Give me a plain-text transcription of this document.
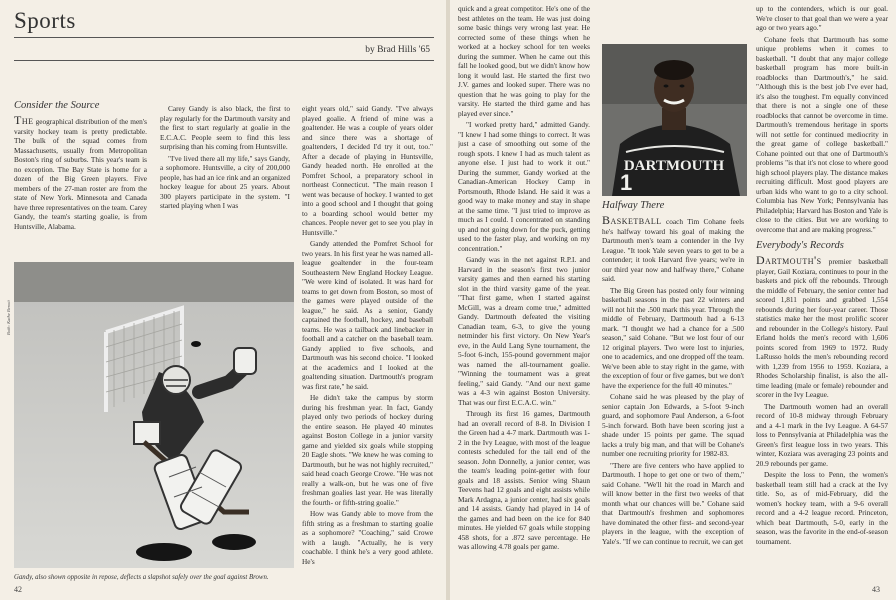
Sports
by Brad Hills '65
Consider the Source

The geographical distribution of the men's varsity hockey team is pretty predictable. The bulk of the squad comes from Massachusetts, usually from Metropolitan Boston's ring of suburbs. This year's team is no exception. The Bay State is home for a dozen of the Big Green players. Five members of the 27-man roster are from the state of New York. Minnesota and Canada have three representatives on the team. Carey Gandy, the team's starting goalie, is from Huntsville, Alabama.

Carey Gandy is also black, the first to play regularly for the Dartmouth varsity and the first to start regularly at goalie in the E.C.A.C. People seem to find this less surprising than his coming from Huntsville.

"I've lived there all my life," says Gandy, a sophomore. Huntsville, a city of 200,000 people, has had an ice rink and an organized hockey league for about 25 years. About 300 players participate in the system. "I started playing when I was

eight years old," said Gandy. "I've always played goalie. A friend of mine was a goaltender. He was a couple of years older and since there was a shortage of goaltenders, I decided I'd try it out, too." After a decade of playing in Huntsville, Gandy headed north. He enrolled at the Pomfret School, a preparatory school in northeast Connecticut. "The main reason I went was because of hockey. I wanted to get into a good school and I thought that going to a boarding school would better my chances. People never get to see you play in Huntsville."

Gandy attended the Pomfret School for two years. In his first year he was named all-league goaltender in the four-team Southeastern New England Hockey League. "We were kind of isolated. It was hard for teams to get down from Boston, so most of the games were played outside of the league," he said. As a senior, Gandy captained the football, hockey, and baseball teams. He was a tailback and linebacker in football and a catcher on the baseball team. Gandy applied to five schools, and Dartmouth was his second choice. "I looked at the academics and I looked at the goaltending situation. Dartmouth's program was first rate," he said.

He didn't take the campus by storm during his freshman year. In fact, Gandy played only two periods of hockey during the entire season. He played 40 minutes against Boston College in a junior varsity game and yielded six goals while stopping 20 Eagle shots. "We knew he was coming to Dartmouth, but he was not highly recruited," said head coach George Crowe. "He was not really a walk-on, but he was one of five freshman goalies last year. He was literally the fourth- or fifth-string goalie."

How was Gandy able to move from the fifth string as a freshman to starting goalie as a sophomore? "Coaching," said Crowe with a laugh. "Actually, he is very coachable. I think he's a very good athlete. He's

Both: Kathe Benoit
Gandy, also shown opposite in repose, deflects a slapshot safely over the goal against Brown.
42

quick and a great competitor. He's one of the best athletes on the team. He was just doing some basic things very wrong last year. He corrected some of these things when he worked at a hockey school for ten weeks during the summer. When he came out this fall he looked good, but we didn't know how long it would last. He started the first two J.V. games and looked super. There was no question that he was going to play for the varsity. He started the third game and has played ever since."

"I worked pretty hard," admitted Gandy. "I knew I had some things to correct. It was just a case of smoothing out some of the rough spots. I knew I had as much talent as anyone else. I just had to work it out." During the summer, Gandy worked at the Canadian-American Hockey Camp in Portsmouth, Rhode Island. He said it was a good way to make money and stay in shape at the same time. "I just tried to improve as much as I could. I concentrated on standing up and not going down for the puck, getting used to the faster play, and working on my concentration."

Gandy was in the net against R.P.I. and Harvard in the season's first two junior varsity games and then earned his starting slot in the third varsity game of the year. "That first game, when I started against McGill, was a dream come true," admitted Gandy. Dartmouth defeated the visiting Canadian team, 6-3, to give the young netminder his first victory. On New Year's eve, in the Auld Lang Syne tournament, the 5-foot 6-inch, 155-pound government major was named the all-tournament goalie. "Winning the tournament was a great feeling," said Gandy. "And our next game was a 4-3 win against Boston University. That was our first E.C.A.C. win."

Through its first 16 games, Dartmouth had an overall record of 8-8. In Division I the Green had a 4-7 mark. Dartmouth was 1-2 in the Ivy League, with most of the league contests scheduled for the tail end of the season. John Donnelly, a junior center, was the team's leading point-getter with four goals and 18 assists. Senior wing Shaun Teevens had 12 goals and eight assists while Mark Ardagna, a junior center, had six goals and 14 assists. Gandy had played in 14 of the games and had been on the ice for 840 minutes. He yielded 67 goals while stopping 458 shots, for a .872 save percentage. He was allowing 4.78 goals per game.

DARTMOUTH
1
Halfway There

Basketball coach Tim Cohane feels he's halfway toward his goal of making the Dartmouth men's team a contender in the Ivy League. "It took Yale seven years to get to be a contender; it took Harvard five years; we're in our third year now and halfway there," Cohane said.

The Big Green has posted only four winning basketball seasons in the past 22 winters and will not hit the .500 mark this year. Through the middle of February, Dartmouth had a 6-13 mark. "I thought we had a chance for a .500 season," said Cohane. "But we lost four of our 12 original players. Two were lost to injuries, one to academics, and one dropped off the team. We've been able to stay right in the game, with the exception of four or five games, but we don't have the experience for the full 40 minutes."

Cohane said he was pleased by the play of senior captain Jon Edwards, a 5-foot 9-inch guard, and sophomore Paul Anderson, a 6-foot 5-inch forward. Both have been scoring just a shade under 15 points per game. The squad lacks a truly big man, and that will be Cohane's number one recruiting priority for 1982-83.

"There are five centers who have applied to Dartmouth. I hope to get one or two of them," said Cohane. "We'll hit the road in March and will know better in the first two weeks of that month what our chances will be." Cohane said that Dartmouth's freshmen and sophomores have dominated the other first- and second-year players in the league, with the exception of Yale's. "If we can continue to recruit, we can get

up to the contenders, which is our goal. We're closer to that goal than we were a year ago or two years ago."

Cohane feels that Dartmouth has some unique problems when it comes to basketball. "I doubt that any major college basketball program has more built-in roadblocks than Dartmouth's," he said. "Although this is the best job I've ever had, it's also the toughest. I'm equally convinced that there is not a single one of these roadblocks that cannot be overcome in time. Dartmouth's tremendous heritage in sports will not settle for continued mediocrity in the great game of college basketball." Cohane pointed out that one of Dartmouth's problems "is that it's not close to where good high school players play. The distance makes recruiting difficult. Most good players are urban kids who want to go to a city school. Columbia has New York; Pennsylvania has Philadelphia; Harvard has Boston and Yale is close to the cities. But we are working to overcome that and are making progress."

Everybody's Records

Dartmouth's premier basketball player, Gail Koziara, continues to pour in the baskets and pick off the rebounds. Through the middle of February, the senior center had scored 1,811 points and grabbed 1,554 rebounds during her four-year career. Those statistics make her the most prolific scorer and rebounder in the College's history. Paul Erland holds the men's record with 1,606 points scored from 1969 to 1972. Rudy LaRusso holds the men's rebounding record with 1,239 from 1956 to 1959. Koziara, a Rhodes Scholarship finalist, is also the all-time leading (male or female) rebounder and scorer in the Ivy League.

The Dartmouth women had an overall record of 10-8 midway through February and a 4-1 mark in the Ivy League. A 64-57 loss to Pennsylvania at Philadelphia was the Green's first league loss in two years. This winter, Koziara was averaging 23 points and 20.9 rebounds per game.

Despite the loss to Penn, the women's basketball team still had a crack at the Ivy title. So, as of mid-February, did the women's hockey team, with a 9-6 overall record and a 4-2 league record. Princeton, which beat Dartmouth, 5-0, early in the season, was the favorite in the end-of-season tournament.

43
